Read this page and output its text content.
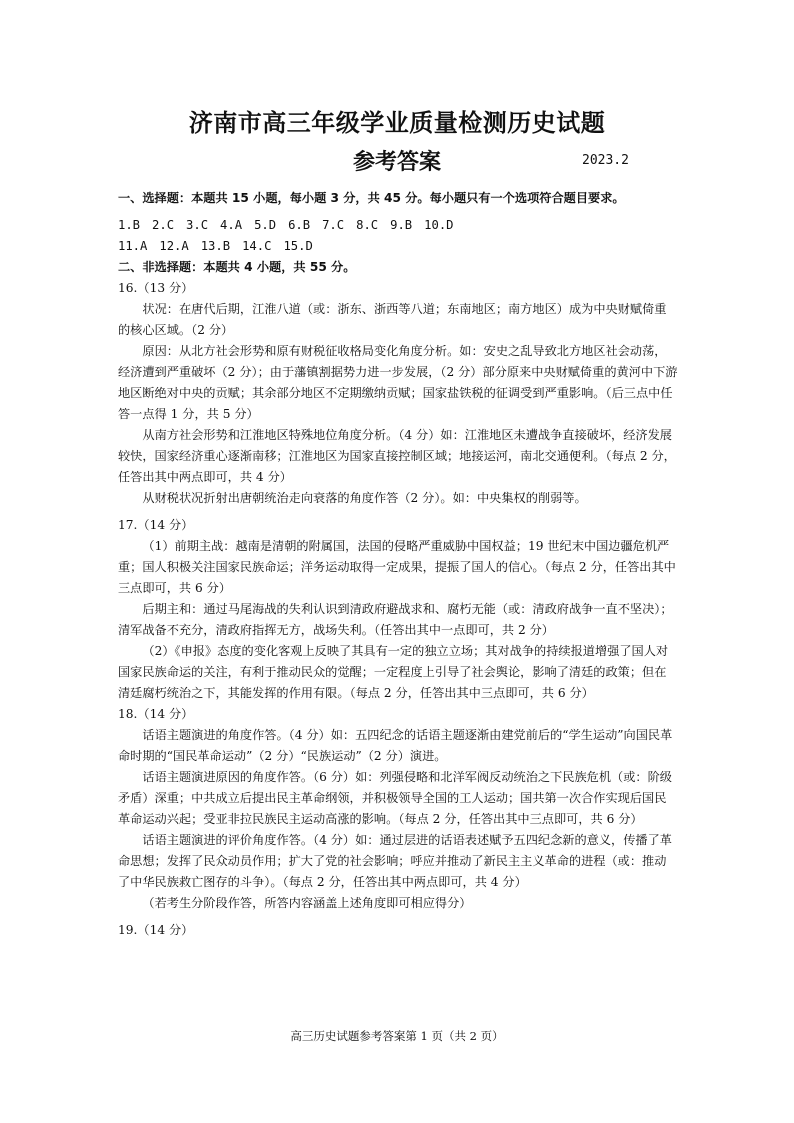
济南市高三年级学业质量检测历史试题
参考答案	2023.2

一、选择题：本题共 15 小题，每小题 3 分，共 45 分。每小题只有一个选项符合题目要求。

1.B 2.C 3.C 4.A 5.D 6.B 7.C 8.C 9.B 10.D
11.A 12.A 13.B 14.C 15.D

二、非选择题：本题共 4 小题，共 55 分。

16.（13 分）

状况：在唐代后期，江淮八道（或：浙东、浙西等八道；东南地区；南方地区）成为中央财赋倚重的核心区域。（2 分）

原因：从北方社会形势和原有财税征收格局变化角度分析。如：安史之乱导致北方地区社会动荡，经济遭到严重破坏（2 分）；由于藩镇割据势力进一步发展，（2 分）部分原来中央财赋倚重的黄河中下游地区断绝对中央的贡赋；其余部分地区不定期缴纳贡赋；国家盐铁税的征调受到严重影响。（后三点中任答一点得 1 分，共 5 分）

从南方社会形势和江淮地区特殊地位角度分析。（4 分）如：江淮地区未遭战争直接破坏，经济发展较快，国家经济重心逐渐南移；江淮地区为国家直接控制区域；地接运河，南北交通便利。（每点 2 分，任答出其中两点即可，共 4 分）

从财税状况折射出唐朝统治走向衰落的角度作答（2 分）。如：中央集权的削弱等。

17.（14 分）

（1）前期主战：越南是清朝的附属国，法国的侵略严重威胁中国权益；19 世纪末中国边疆危机严重；国人积极关注国家民族命运；洋务运动取得一定成果，提振了国人的信心。（每点 2 分，任答出其中三点即可，共 6 分）

后期主和：通过马尾海战的失利认识到清政府避战求和、腐朽无能（或：清政府战争一直不坚决）；清军战备不充分，清政府指挥无方，战场失利。（任答出其中一点即可，共 2 分）

（2）《申报》态度的变化客观上反映了其具有一定的独立立场；其对战争的持续报道增强了国人对国家民族命运的关注，有利于推动民众的觉醒；一定程度上引导了社会舆论，影响了清廷的政策；但在清廷腐朽统治之下，其能发挥的作用有限。（每点 2 分，任答出其中三点即可，共 6 分）

18.（14 分）

话语主题演进的角度作答。（4 分）如：五四纪念的话语主题逐渐由建党前后的“学生运动”向国民革命时期的“国民革命运动”（2 分）“民族运动”（2 分）演进。

话语主题演进原因的角度作答。（6 分）如：列强侵略和北洋军阀反动统治之下民族危机（或：阶级矛盾）深重；中共成立后提出民主革命纲领，并积极领导全国的工人运动；国共第一次合作实现后国民革命运动兴起；受亚非拉民族民主运动高涨的影响。（每点 2 分，任答出其中三点即可，共 6 分）

话语主题演进的评价角度作答。（4 分）如：通过层进的话语表述赋予五四纪念新的意义，传播了革命思想；发挥了民众动员作用；扩大了党的社会影响；呼应并推动了新民主主义革命的进程（或：推动了中华民族救亡图存的斗争）。（每点 2 分，任答出其中两点即可，共 4 分）

（若考生分阶段作答，所答内容涵盖上述角度即可相应得分）

19.（14 分）

高三历史试题参考答案第 1 页（共 2 页）
